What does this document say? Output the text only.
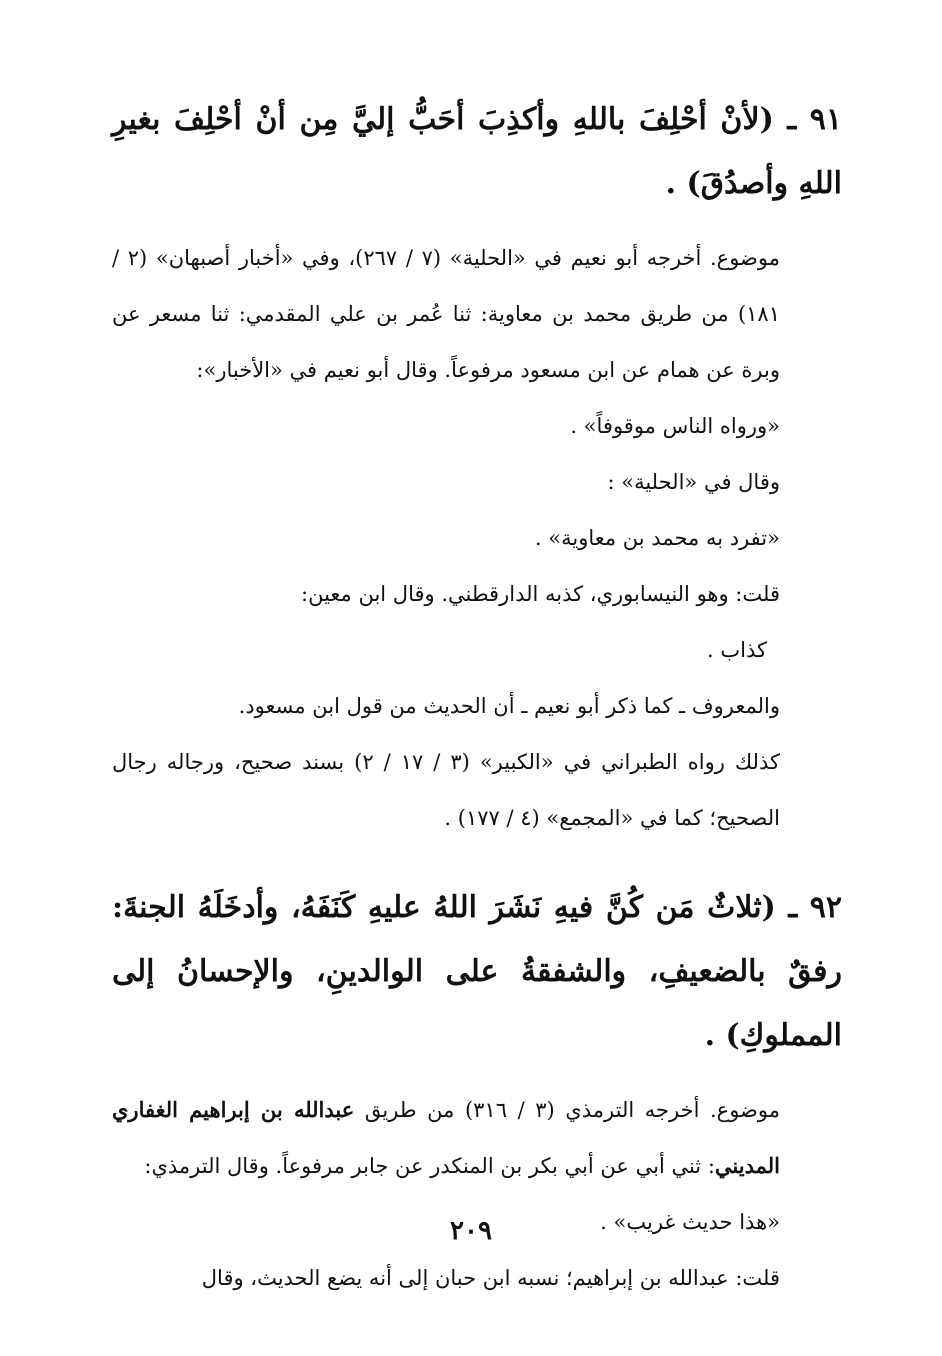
٩١ ـ (لأنْ أحْلِفَ باللهِ وأكذِبَ أحَبُّ إليَّ مِن أنْ أحْلِفَ بغيرِ اللهِ وأصدُقَ) .

موضوع. أخرجه أبو نعيم في «الحلية» (٧ / ٢٦٧)، وفي «أخبار أصبهان» (٢ / ١٨١) من طريق محمد بن معاوية: ثنا عُمر بن علي المقدمي: ثنا مسعر عن وبرة عن همام عن ابن مسعود مرفوعاً. وقال أبو نعيم في «الأخبار»:

«ورواه الناس موقوفاً» .

وقال في «الحلية» :

«تفرد به محمد بن معاوية» .

قلت: وهو النيسابوري، كذبه الدارقطني. وقال ابن معين:

كذاب .

والمعروف ـ كما ذكر أبو نعيم ـ أن الحديث من قول ابن مسعود.

كذلك رواه الطبراني في «الكبير» (٣ / ١٧ / ٢) بسند صحيح، ورجاله رجال الصحيح؛ كما في «المجمع» (٤ / ١٧٧) .

٩٢ ـ (ثلاثٌ مَن كُنَّ فيهِ نَشَرَ اللهُ عليهِ كَنَفَهُ، وأدخَلَهُ الجنةَ: رفقٌ بالضعيفِ، والشفقةُ على الوالدينِ، والإحسانُ إلى المملوكِ) .

موضوع. أخرجه الترمذي (٣ / ٣١٦) من طريق عبدالله بن إبراهيم الغفاري المديني: ثني أبي عن أبي بكر بن المنكدر عن جابر مرفوعاً. وقال الترمذي:

«هذا حديث غريب» .

قلت: عبدالله بن إبراهيم؛ نسبه ابن حبان إلى أنه يضع الحديث، وقال

٢٠٩
